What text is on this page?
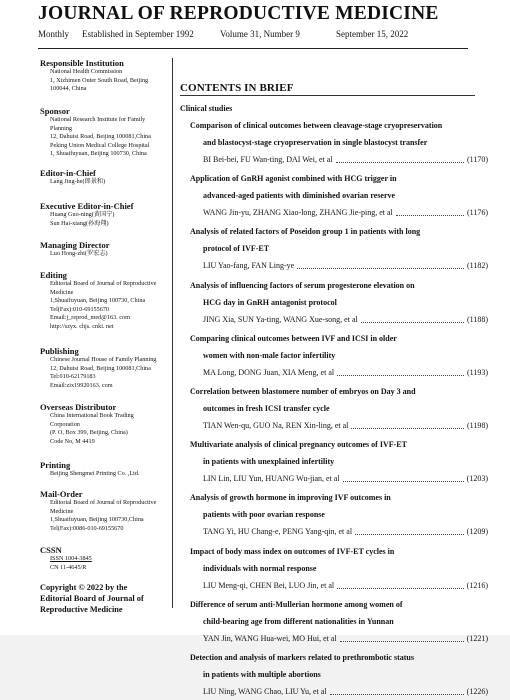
JOURNAL OF REPRODUCTIVE MEDICINE
Monthly	Established in September 1992	Volume 31, Number 9	September 15, 2022
Responsible Institution
National Health Commission
1, Xizhimen Outer South Road, Beijing 100044, China
Sponsor
National Research Institute for Family Planning
12, Dahuisi Road, Beijing 100081,China
Peking Union Medical College Hospital
1, Shuaifuyuan, Beijing 100730, China
Editor-in-Chief
Lang Jing-he(郎景和)
Executive Editor-in-Chief
Huang Guo-ning(黄国宁)
Sun Hai-xiang(孙海翔)
Managing Director
Luo Hong-zhi(罗宏志)
Editing
Editorial Board of Journal of Reproductive Medicine
1,Shuaifuyuan, Beijing 100730, China
Tel(Fax):010-69155670
Email:j_reprod_med@163. com
http://szyx. chjs. cnki. net
Publishing
Chinese Journal House of Family Planning
12, Dahuisi Road, Beijing 100081,China
Tel:010-62179183
Email:zix19920163. com
Overseas Distributor
China International Book Trading Corporation
(P. O, Box 399, Beijing, China)
Code No, M 4419
Printing
Beijing Shengmei Printing Co. ,Ltd.
Mail-Order
Editorial Board of Journal of Reproductive Medicine
1,Shuaifuyuan, Beijing 100730,China
Tel(Fax):0086-010-69155670
CSSN
ISSN 1004-3845
CN 11-4645/R
Copyright © 2022 by the
Editorial Board of Journal of
Reproductive Medicine
CONTENTS IN BRIEF
Clinical studies
Comparison of clinical outcomes between cleavage-stage cryopreservation
and blastocyst-stage cryopreservation in single blastocyst transfer
BI Bei-bei, FU Wan-ting, DAI Wei, et al	(1170)
Application of GnRH agonist combined with HCG trigger in
advanced-aged patients with diminished ovarian reserve
WANG Jin-yu, ZHANG Xiao-long, ZHANG Jie-ping, et al	(1176)
Analysis of related factors of Poseidon group 1 in patients with long
protocol of IVF-ET
LIU Yao-fang, FAN Ling-ye	(1182)
Analysis of influencing factors of serum progesterone elevation on
HCG day in GnRH antagonist protocol
JING Xia, SUN Ya-ting, WANG Xue-song, et al	(1188)
Comparing clinical outcomes between IVF and ICSI in older
women with non-male factor infertility
MA Long, DONG Juan, XIA Meng, et al	(1193)
Correlation between blastomere number of embryos on Day 3 and
outcomes in fresh ICSI transfer cycle
TIAN Wen-qu, GUO Na, REN Xin-ling, et al	(1198)
Multivariate analysis of clinical pregnancy outcomes of IVF-ET
in patients with unexplained infertility
LIN Lin, LIU Yun, HUANG Wu-jian, et al	(1203)
Analysis of growth hormone in improving IVF outcomes in
patients with poor ovarian response
TANG Yi, HU Chang-e, PENG Yang-qin, et al	(1209)
Impact of body mass index on outcomes of IVF-ET cycles in
individuals with normal response
LIU Meng-qi, CHEN Bei, LUO Jin, et al	(1216)
Difference of serum anti-Mullerian hormone among women of
child-bearing age from different nationalities in Yunnan
YAN Jin, WANG Hua-wei, MO Hui, et al	(1221)
Detection and analysis of markers related to prethrombotic status
in patients with multiple abortions
LIU Ning, WANG Chao, LIU Yu, et al	(1226)
